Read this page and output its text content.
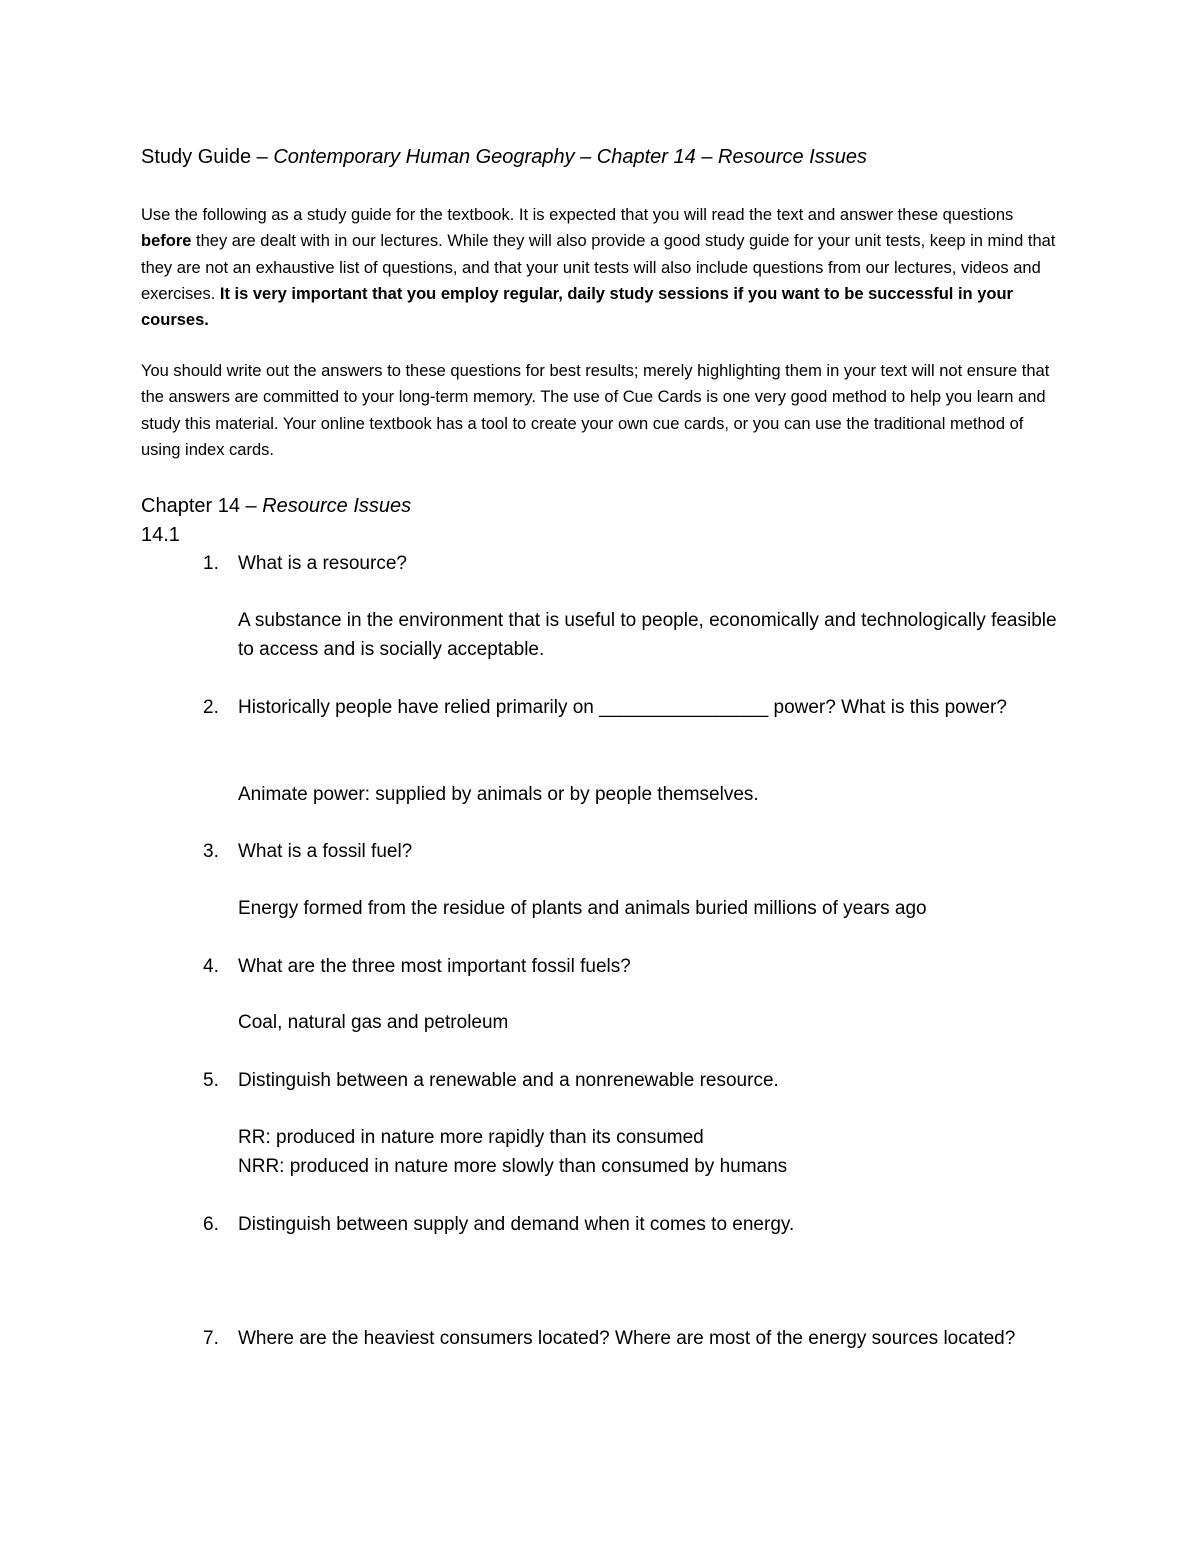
Study Guide – Contemporary Human Geography – Chapter 14 – Resource Issues

Use the following as a study guide for the textbook. It is expected that you will read the text and answer these questions before they are dealt with in our lectures. While they will also provide a good study guide for your unit tests, keep in mind that they are not an exhaustive list of questions, and that your unit tests will also include questions from our lectures, videos and exercises. It is very important that you employ regular, daily study sessions if you want to be successful in your courses.

You should write out the answers to these questions for best results; merely highlighting them in your text will not ensure that the answers are committed to your long-term memory. The use of Cue Cards is one very good method to help you learn and study this material. Your online textbook has a tool to create your own cue cards, or you can use the traditional method of using index cards.

Chapter 14 – Resource Issues
14.1
1. What is a resource?
A substance in the environment that is useful to people, economically and technologically feasible to access and is socially acceptable.
2. Historically people have relied primarily on ________________ power? What is this power?
Animate power: supplied by animals or by people themselves.
3. What is a fossil fuel?
Energy formed from the residue of plants and animals buried millions of years ago
4. What are the three most important fossil fuels?
Coal, natural gas and petroleum
5. Distinguish between a renewable and a nonrenewable resource.
RR: produced in nature more rapidly than its consumed
NRR: produced in nature more slowly than consumed by humans
6. Distinguish between supply and demand when it comes to energy.
7. Where are the heaviest consumers located? Where are most of the energy sources located?
